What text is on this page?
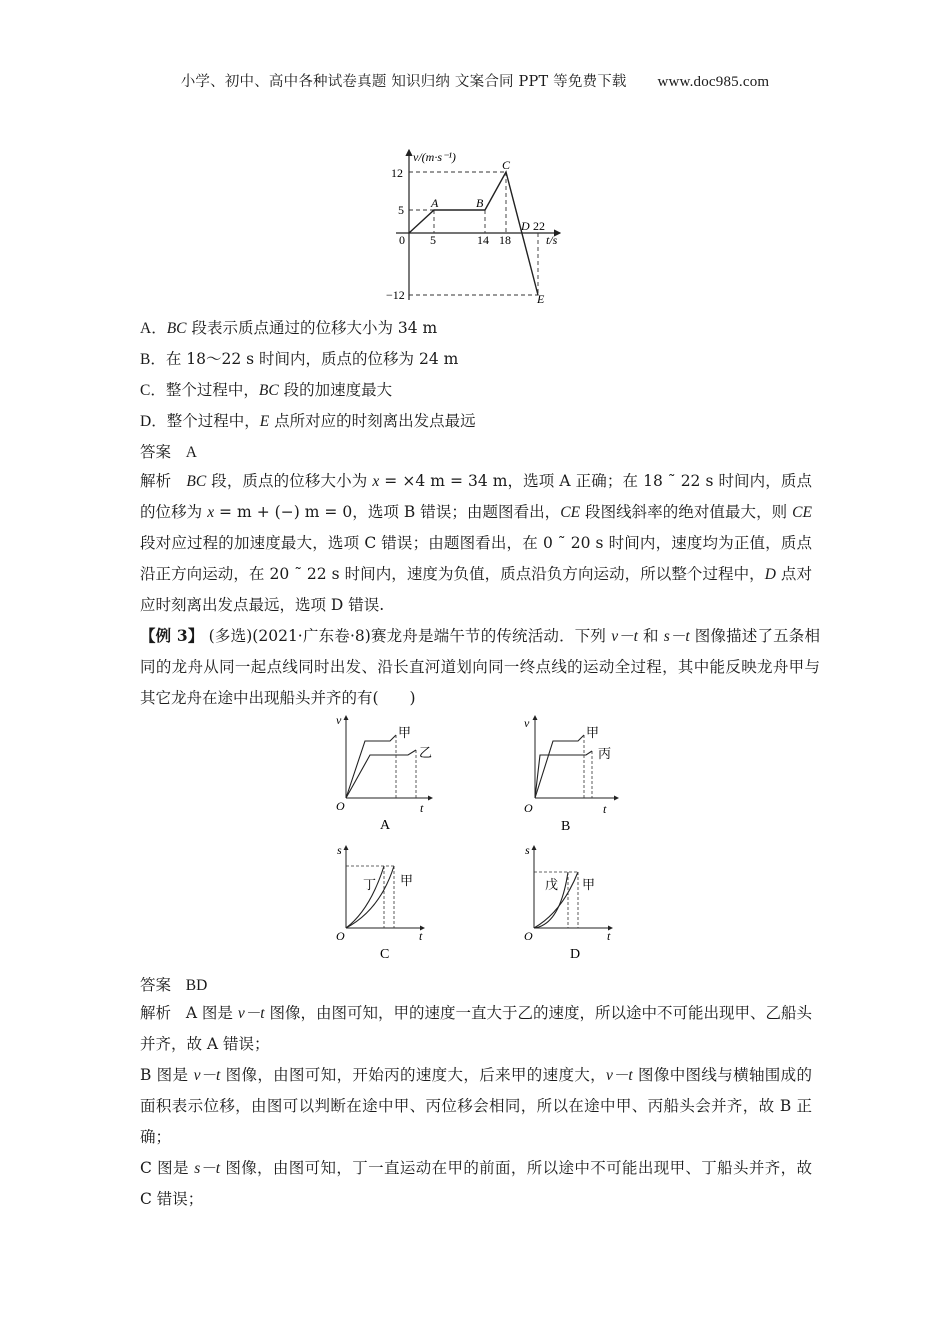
小学、初中、高中各种试卷真题 知识归纳 文案合同 PPT 等免费下载 www.doc985.com
v/(m·s⁻¹)
12
5
0
−12
5	14 18
22
t/s
A	B
C
D
E
A．BC 段表示质点通过的位移大小为 34 m
B．在 18～22 s 时间内，质点的位移为 24 m
C．整个过程中，BC 段的加速度最大
D．整个过程中，E 点所对应的时刻离出发点最远
答案 A
解析 BC 段，质点的位移大小为 x = ×4 m = 34 m，选项 A 正确；在 18 ˜ 22 s 时间内，质点的位移为 x = m + (−) m = 0，选项 B 错误；由题图看出，CE 段图线斜率的绝对值最大，则 CE 段对应过程的加速度最大，选项 C 错误；由题图看出，在 0 ˜ 20 s 时间内，速度均为正值，质点沿正方向运动，在 20 ˜ 22 s 时间内，速度为负值，质点沿负方向运动，所以整个过程中，D 点对应时刻离出发点最远，选项 D 错误.
【例 3】 (多选)(2021·广东卷·8)赛龙舟是端午节的传统活动．下列 v－t 和 s－t 图像描述了五条相同的龙舟从同一起点线同时出发、沿长直河道划向同一终点线的运动全过程，其中能反映龙舟甲与其它龙舟在途中出现船头并齐的有(　　)
v
O	t
甲
乙
A
v
O	t
甲
丙
B
s
O	t
丁 甲
C
s
O	t
戊 甲
D
答案 BD
解析 A 图是 v－t 图像，由图可知，甲的速度一直大于乙的速度，所以途中不可能出现甲、乙船头并齐，故 A 错误；
B 图是 v－t 图像，由图可知，开始丙的速度大，后来甲的速度大，v－t 图像中图线与横轴围成的面积表示位移，由图可以判断在途中甲、丙位移会相同，所以在途中甲、丙船头会并齐，故 B 正确；
C 图是 s－t 图像，由图可知，丁一直运动在甲的前面，所以途中不可能出现甲、丁船头并齐，故 C 错误；
